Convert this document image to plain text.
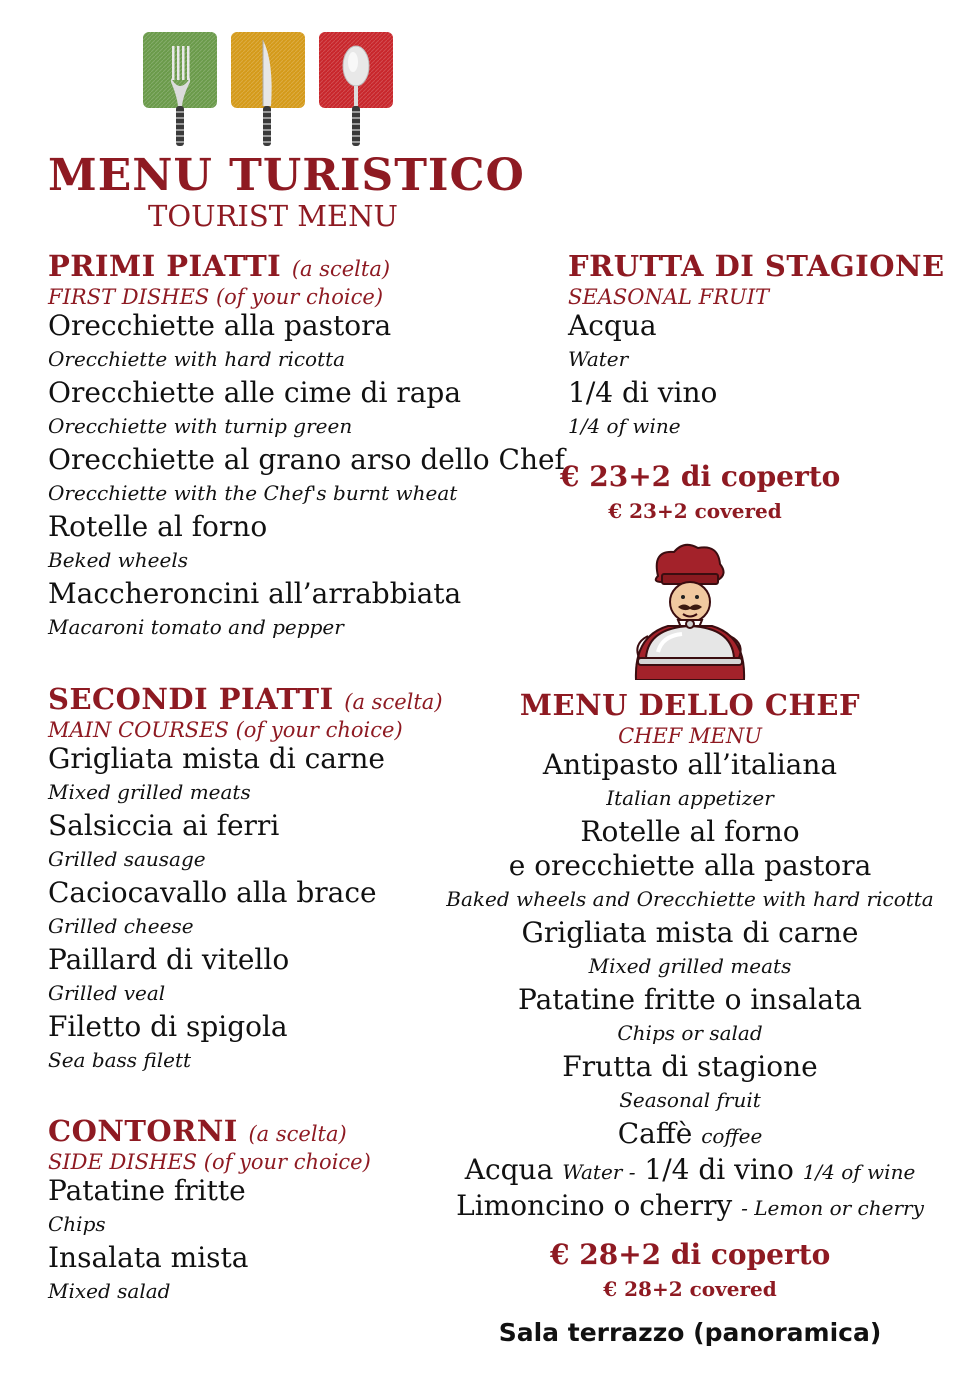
MENU TURISTICO
TOURIST MENU
PRIMI PIATTI (a scelta)
FIRST DISHES (of your choice)
Orecchiette alla pastora
Orecchiette with hard ricotta
Orecchiette alle cime di rapa
Orecchiette with turnip green
Orecchiette al grano arso dello Chef
Orecchiette with the Chef's burnt wheat
Rotelle al forno
Beked wheels
Maccheroncini all’arrabbiata
Macaroni tomato and pepper
SECONDI PIATTI (a scelta)
MAIN COURSES (of your choice)
Grigliata mista di carne
Mixed grilled meats
Salsiccia ai ferri
Grilled sausage
Caciocavallo alla brace
Grilled cheese
Paillard di vitello
Grilled veal
Filetto di spigola
Sea bass filett
CONTORNI (a scelta)
SIDE DISHES (of your choice)
Patatine fritte
Chips
Insalata mista
Mixed salad
FRUTTA DI STAGIONE
SEASONAL FRUIT
Acqua
Water
1/4 di vino
1/4 of wine
€ 23+2 di coperto
€ 23+2 covered
MENU DELLO CHEF
CHEF MENU
Antipasto all’italiana
Italian appetizer
Rotelle al forno
e orecchiette alla pastora
Baked wheels and Orecchiette with hard ricotta
Grigliata mista di carne
Mixed grilled meats
Patatine fritte o insalata
Chips or salad
Frutta di stagione
Seasonal fruit
Caffè coffee
Acqua Water - 1/4 di vino 1/4 of wine
Limoncino o cherry - Lemon or cherry
€ 28+2 di coperto
€ 28+2 covered
Sala terrazzo (panoramica)
